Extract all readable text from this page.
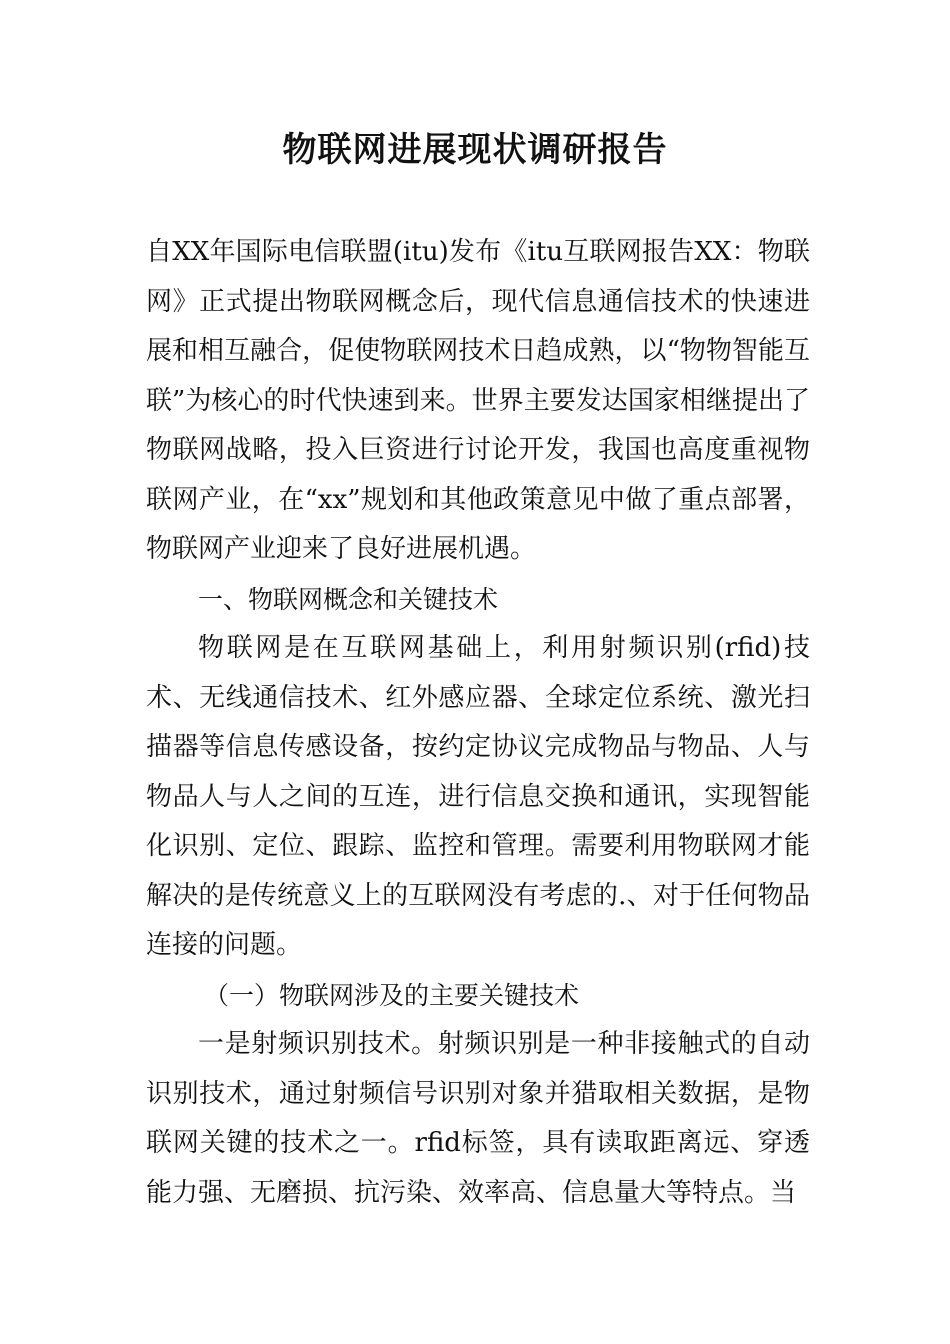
物联网进展现状调研报告

自XX年国际电信联盟(itu)发布《itu互联网报告XX：物联网》正式提出物联网概念后，现代信息通信技术的快速进展和相互融合，促使物联网技术日趋成熟，以“物物智能互联”为核心的时代快速到来。世界主要发达国家相继提出了物联网战略，投入巨资进行讨论开发，我国也高度重视物联网产业，在“xx”规划和其他政策意见中做了重点部署，物联网产业迎来了良好进展机遇。

一、物联网概念和关键技术

物联网是在互联网基础上，利用射频识别(rfid)技术、无线通信技术、红外感应器、全球定位系统、激光扫描器等信息传感设备，按约定协议完成物品与物品、人与物品人与人之间的互连，进行信息交换和通讯，实现智能化识别、定位、跟踪、监控和管理。需要利用物联网才能解决的是传统意义上的互联网没有考虑的.、对于任何物品连接的问题。

（一）物联网涉及的主要关键技术

一是射频识别技术。射频识别是一种非接触式的自动识别技术，通过射频信号识别对象并猎取相关数据，是物联网关键的技术之一。rfid标签，具有读取距离远、穿透能力强、无磨损、抗污染、效率高、信息量大等特点。当
